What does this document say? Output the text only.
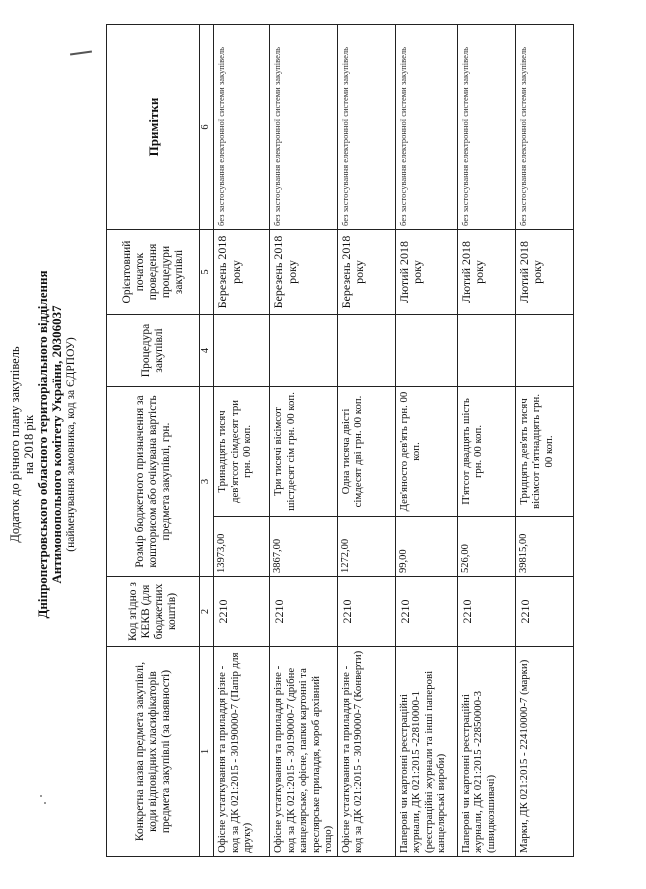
Додаток до річного плану закупівель на 2018 рік Дніпропетровського обласного територіального відділення Антимонопольного комітету України, 20306037 (найменування замовника, код за ЄДРПОУ)
Конкретна назва предмета закупівлі, коди відповідних класифікаторів предмета закупівлі (за наявності)	Код згідно з КЕКВ (для бюджетних коштів)	Розмір бюджетного призначення за кошторисом або очікувана вартість предмета закупівлі, грн.		Процедура закупівлі	Орієнтовний початок проведення процедури закупівлі	Примітки
1	2	3		4	5	6
Офісне устаткування та приладдя різне - код за ДК 021:2015 - 30190000-7 (Папір для друку)	2210	13973,00	Тринадцять тисяч дев'ятсот сімдесят три грн. 00 коп.		Березень 2018 року	без застосування електронної системи закупівель
Офісне устаткування та приладдя різне - код за ДК 021:2015 - 30190000-7 (дрібне канцелярське, офісне, папки картонні та креслярське приладдя, короб архівний тощо)	2210	3867,00	Три тисячі вісімсот шістдесят сім грн. 00 коп.		Березень 2018 року	без застосування електронної системи закупівель
Офісне устаткування та приладдя різне - код за ДК 021:2015 - 30190000-7 (Конверти)	2210	1272,00	Одна тисяча двісті сімдесят дві грн. 00 коп.		Березень 2018 року	без застосування електронної системи закупівель
Паперові чи картонні реєстраційні журнали, ДК 021:2015 -22810000-1 (реєстраційні журнали та інші паперові канцелярські вироби)	2210	99,00	Дев'яносто дев'ять грн. 00 коп.		Лютий 2018 року	без застосування електронної системи закупівель
Паперові чи картонні реєстраційні журнали, ДК 021:2015 -22850000-3 (швидкозшивачі)	2210	526,00	П'ятсот двадцять шість грн. 00 коп.		Лютий 2018 року	без застосування електронної системи закупівель
Марки, ДК 021:2015 - 22410000-7 (марки)	2210	39815,00	Тридцять дев'ять тисяч вісімсот п'ятнадцять грн. 00 коп.		Лютий 2018 року	без застосування електронної системи закупівель
